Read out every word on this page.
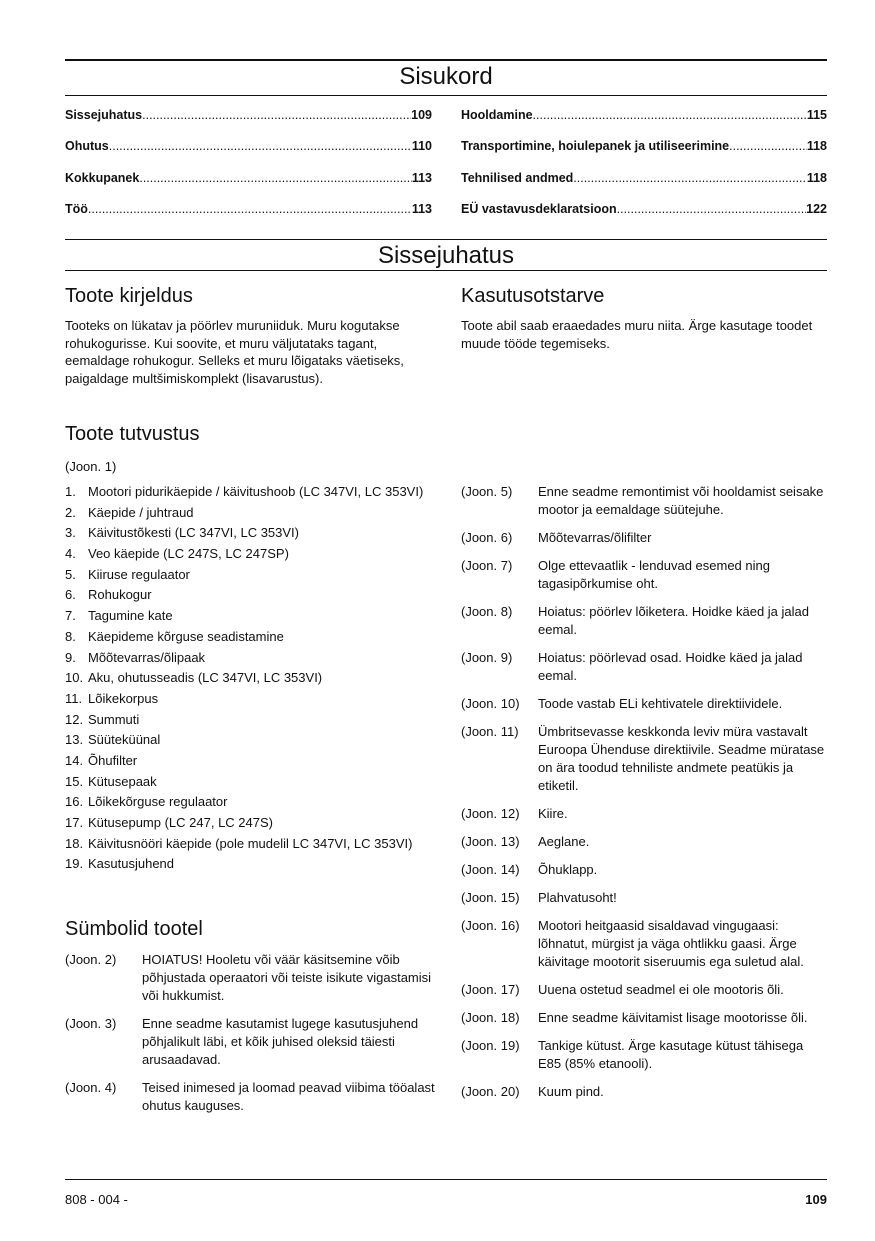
Sisukord
Sissejuhatus .....	109
Ohutus .....	110
Kokkupanek .....	113
Töö .....	113
Hooldamine .....	115
Transportimine, hoiulepanek ja utiliseerimine .....	118
Tehnilised andmed .....	118
EÜ vastavusdeklaratsioon .....	122
Sissejuhatus
Toote kirjeldus
Tooteks on lükatav ja pöörlev muruniiduk. Muru kogutakse rohukogurisse. Kui soovite, et muru väljutataks tagant, eemaldage rohukogur. Selleks et muru lõigataks väetiseks, paigaldage multšimiskomplekt (lisavarustus).
Kasutusotstarve
Toote abil saab eraaedades muru niita. Ärge kasutage toodet muude tööde tegemiseks.
Toote tutvustus
(Joon. 1)
1. Mootori pidurikäepide / käivitushoob (LC 347VI, LC 353VI)
2. Käepide / juhtraud
3. Käivitustõkesti (LC 347VI, LC 353VI)
4. Veo käepide (LC 247S, LC 247SP)
5. Kiiruse regulaator
6. Rohukogur
7. Tagumine kate
8. Käepideme kõrguse seadistamine
9. Mõõtevarras/õlipaak
10. Aku, ohutusseadis (LC 347VI, LC 353VI)
11. Lõikekorpus
12. Summuti
13. Süüteküünal
14. Õhufilter
15. Kütusepaak
16. Lõikekõrguse regulaator
17. Kütusepump (LC 247, LC 247S)
18. Käivitusnööri käepide (pole mudelil LC 347VI, LC 353VI)
19. Kasutusjuhend
Sümbolid tootel
(Joon. 2)	HOIATUS! Hooletu või väär käsitsemine võib põhjustada operaatori või teiste isikute vigastamisi või hukkumist.
(Joon. 3)	Enne seadme kasutamist lugege kasutusjuhend põhjalikult läbi, et kõik juhised oleksid täiesti arusaadavad.
(Joon. 4)	Teised inimesed ja loomad peavad viibima tööalast ohutus kauguses.
(Joon. 5)	Enne seadme remontimist või hooldamist seisake mootor ja eemaldage süütejuhe.
(Joon. 6)	Mõõtevarras/õlifilter
(Joon. 7)	Olge ettevaatlik - lenduvad esemed ning tagasipõrkumise oht.
(Joon. 8)	Hoiatus: pöörlev lõiketera. Hoidke käed ja jalad eemal.
(Joon. 9)	Hoiatus: pöörlevad osad. Hoidke käed ja jalad eemal.
(Joon. 10)	Toode vastab ELi kehtivatele direktiividele.
(Joon. 11)	Ümbritsevasse keskkonda leviv müra vastavalt Euroopa Ühenduse direktiivile. Seadme müratase on ära toodud tehniliste andmete peatükis ja etiketil.
(Joon. 12)	Kiire.
(Joon. 13)	Aeglane.
(Joon. 14)	Õhuklapp.
(Joon. 15)	Plahvatusoht!
(Joon. 16)	Mootori heitgaasid sisaldavad vingugaasi: lõhnatut, mürgist ja väga ohtlikku gaasi. Ärge käivitage mootorit siseruumis ega suletud alal.
(Joon. 17)	Uuena ostetud seadmel ei ole mootoris õli.
(Joon. 18)	Enne seadme käivitamist lisage mootorisse õli.
(Joon. 19)	Tankige kütust. Ärge kasutage kütust tähisega E85 (85% etanooli).
(Joon. 20)	Kuum pind.
808 - 004 -	109
